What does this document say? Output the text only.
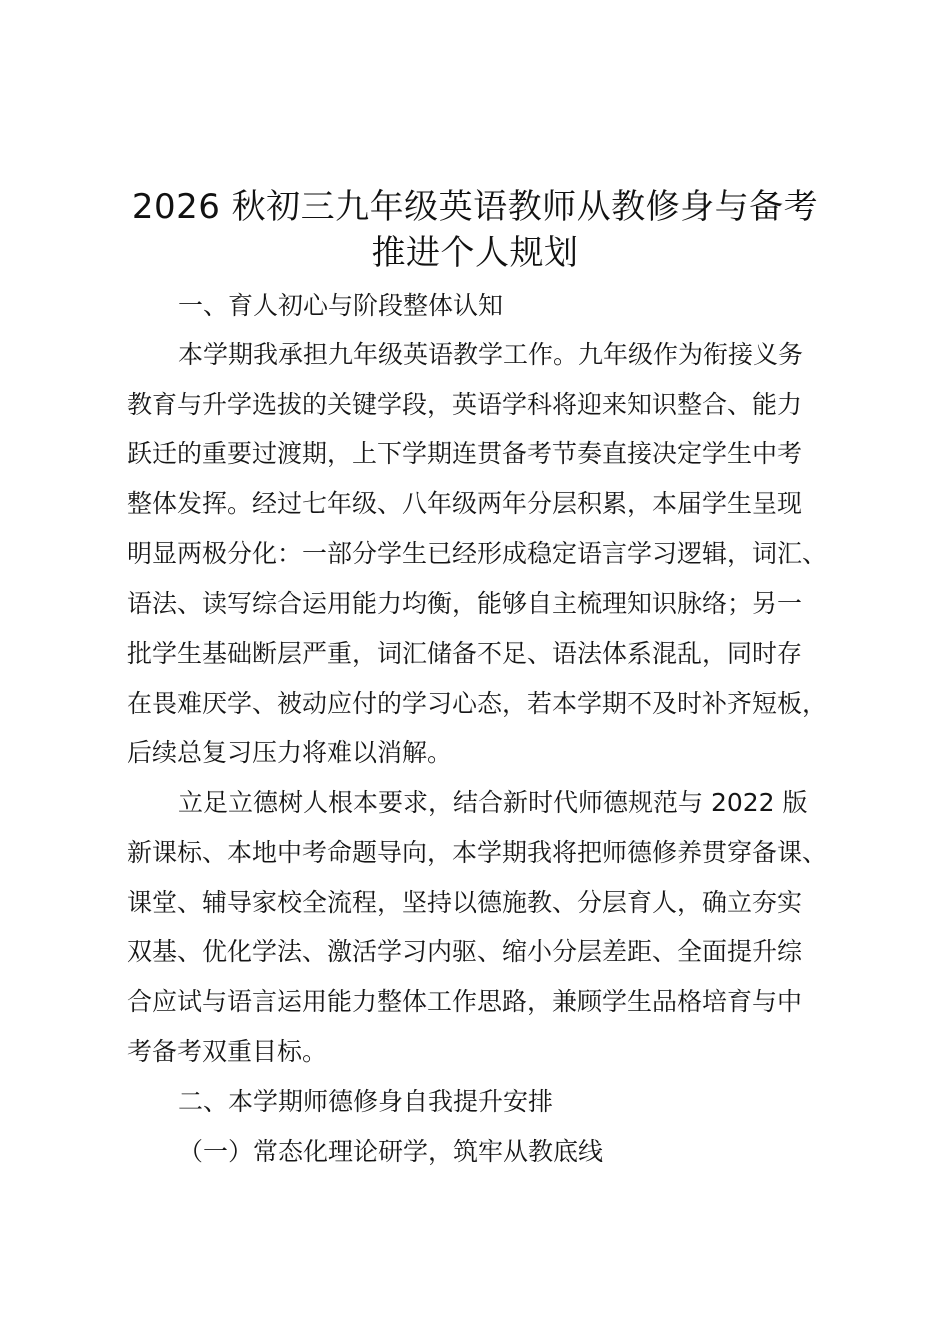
2026 秋初三九年级英语教师从教修身与备考
推进个人规划
一、育人初心与阶段整体认知
本学期我承担九年级英语教学工作。九年级作为衔接义务
教育与升学选拔的关键学段，英语学科将迎来知识整合、能力
跃迁的重要过渡期，上下学期连贯备考节奏直接决定学生中考
整体发挥。经过七年级、八年级两年分层积累，本届学生呈现
明显两极分化：一部分学生已经形成稳定语言学习逻辑，词汇、
语法、读写综合运用能力均衡，能够自主梳理知识脉络；另一
批学生基础断层严重，词汇储备不足、语法体系混乱，同时存
在畏难厌学、被动应付的学习心态，若本学期不及时补齐短板，
后续总复习压力将难以消解。
立足立德树人根本要求，结合新时代师德规范与 2022 版
新课标、本地中考命题导向，本学期我将把师德修养贯穿备课、
课堂、辅导家校全流程，坚持以德施教、分层育人，确立夯实
双基、优化学法、激活学习内驱、缩小分层差距、全面提升综
合应试与语言运用能力整体工作思路，兼顾学生品格培育与中
考备考双重目标。
二、本学期师德修身自我提升安排
（一）常态化理论研学，筑牢从教底线
